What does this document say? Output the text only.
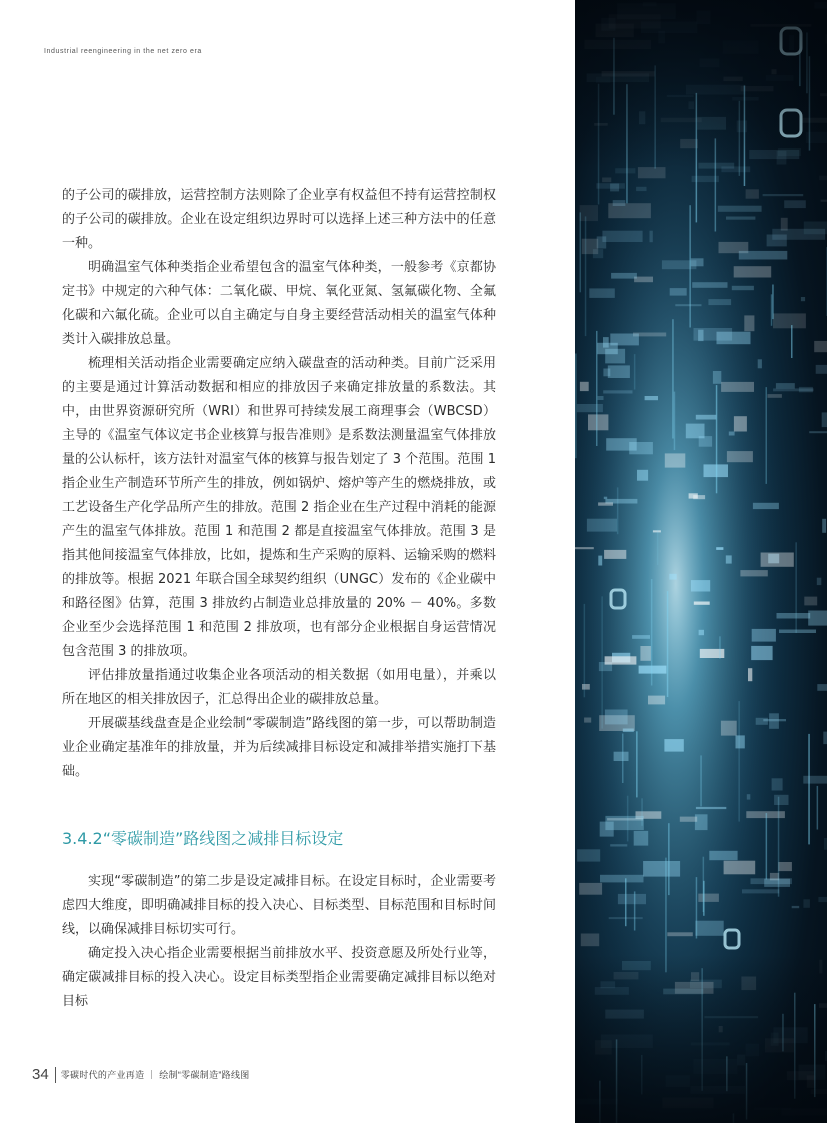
Industrial reengineering in the net zero era

的子公司的碳排放，运营控制方法则除了企业享有权益但不持有运营控制权的子公司的碳排放。企业在设定组织边界时可以选择上述三种方法中的任意一种。

明确温室气体种类指企业希望包含的温室气体种类，一般参考《京都协定书》中规定的六种气体：二氧化碳、甲烷、氧化亚氮、氢氟碳化物、全氟化碳和六氟化硫。企业可以自主确定与自身主要经营活动相关的温室气体种类计入碳排放总量。

梳理相关活动指企业需要确定应纳入碳盘查的活动种类。目前广泛采用的主要是通过计算活动数据和相应的排放因子来确定排放量的系数法。其中，由世界资源研究所（WRI）和世界可持续发展工商理事会（WBCSD）主导的《温室气体议定书企业核算与报告准则》是系数法测量温室气体排放量的公认标杆，该方法针对温室气体的核算与报告划定了 3 个范围。范围 1 指企业生产制造环节所产生的排放，例如锅炉、熔炉等产生的燃烧排放，或工艺设备生产化学品所产生的排放。范围 2 指企业在生产过程中消耗的能源产生的温室气体排放。范围 1 和范围 2 都是直接温室气体排放。范围 3 是指其他间接温室气体排放，比如，提炼和生产采购的原料、运输采购的燃料的排放等。根据 2021 年联合国全球契约组织（UNGC）发布的《企业碳中和路径图》估算，范围 3 排放约占制造业总排放量的 20% － 40%。多数企业至少会选择范围 1 和范围 2 排放项，也有部分企业根据自身运营情况包含范围 3 的排放项。

评估排放量指通过收集企业各项活动的相关数据（如用电量），并乘以所在地区的相关排放因子，汇总得出企业的碳排放总量。

开展碳基线盘查是企业绘制“零碳制造”路线图的第一步，可以帮助制造业企业确定基准年的排放量，并为后续减排目标设定和减排举措实施打下基础。

3.4.2“零碳制造”路线图之减排目标设定

实现“零碳制造”的第二步是设定减排目标。在设定目标时，企业需要考虑四大维度，即明确减排目标的投入决心、目标类型、目标范围和目标时间线，以确保减排目标切实可行。

确定投入决心指企业需要根据当前排放水平、投资意愿及所处行业等，确定碳减排目标的投入决心。设定目标类型指企业需要确定减排目标以绝对目标

34 零碳时代的产业再造 ｜ 绘制“零碳制造”路线图
